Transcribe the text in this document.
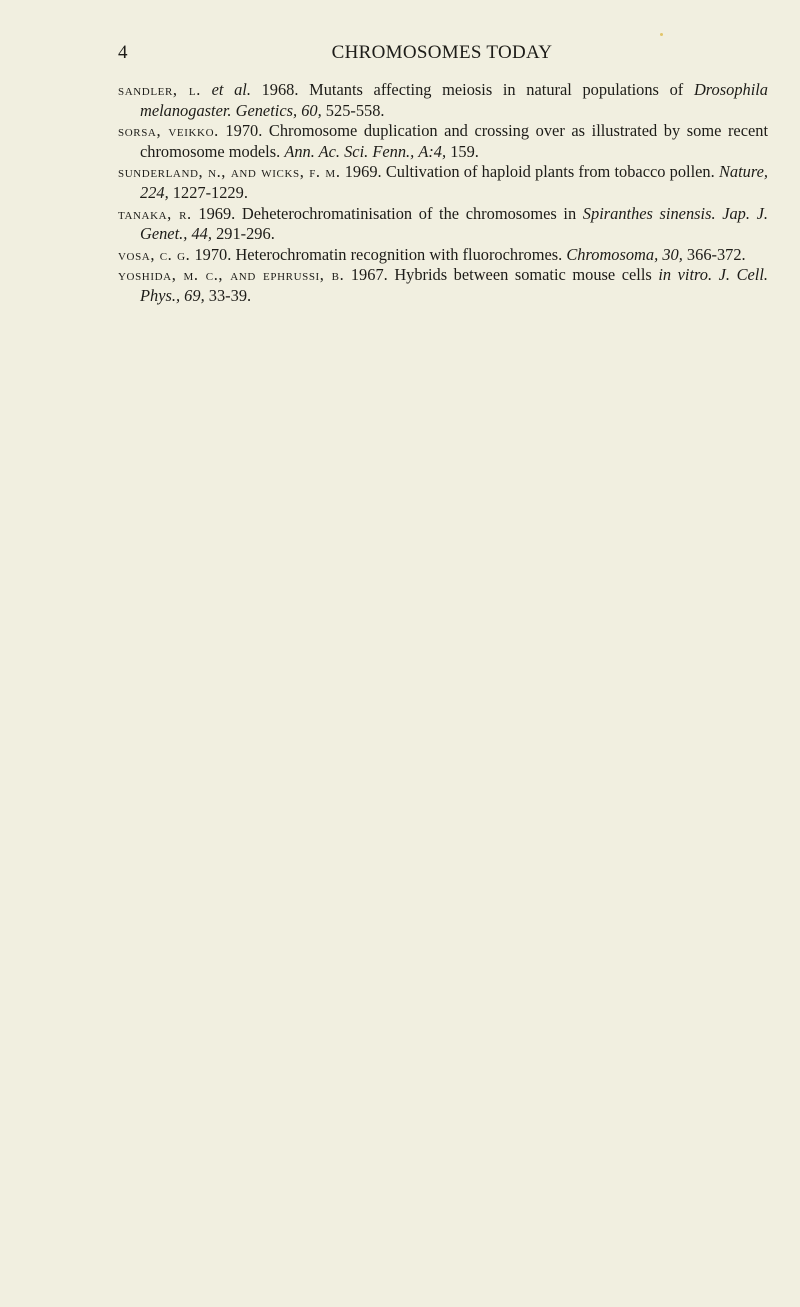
4	CHROMOSOMES TODAY
sandler, l. et al. 1968. Mutants affecting meiosis in natural populations of Drosophila melanogaster. Genetics, 60, 525-558.
sorsa, veikko. 1970. Chromosome duplication and crossing over as illustrated by some recent chromosome models. Ann. Ac. Sci. Fenn., A:4, 159.
sunderland, n., and wicks, f. m. 1969. Cultivation of haploid plants from tobacco pollen. Nature, 224, 1227-1229.
tanaka, r. 1969. Deheterochromatinisation of the chromosomes in Spiranthes sinensis. Jap. J. Genet., 44, 291-296.
vosa, c. g. 1970. Heterochromatin recognition with fluorochromes. Chromosoma, 30, 366-372.
yoshida, m. c., and ephrussi, b. 1967. Hybrids between somatic mouse cells in vitro. J. Cell. Phys., 69, 33-39.
